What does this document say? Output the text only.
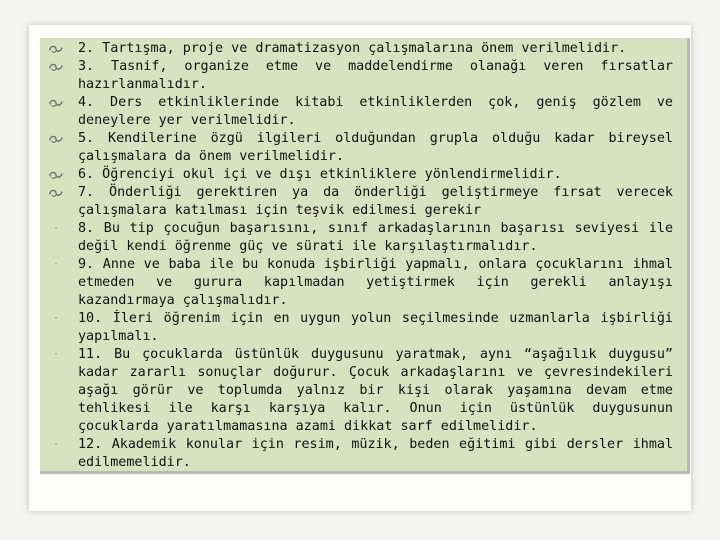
2. Tartışma, proje ve dramatizasyon çalışmalarına önem verilmelidir.
3. Tasnif, organize etme ve maddelendirme olanağı veren fırsatlar hazırlanmalıdır.
4. Ders etkinliklerinde kitabi etkinliklerden çok, geniş gözlem ve deneylere yer verilmelidir.
5. Kendilerine özgü ilgileri olduğundan grupla olduğu kadar bireysel çalışmalara da önem verilmelidir.
6. Öğrenciyi okul içi ve dışı etkinliklere yönlendirmelidir.
7. Önderliği gerektiren ya da önderliği geliştirmeye fırsat verecek çalışmalara katılması için teşvik edilmesi gerekir
· 8. Bu tip çocuğun başarısını, sınıf arkadaşlarının başarısı seviyesi ile değil kendi öğrenme güç ve sürati ile karşılaştırmalıdır.
· 9. Anne ve baba ile bu konuda işbirliği yapmalı, onlara çocuklarını ihmal etmeden ve gurura kapılmadan yetiştirmek için gerekli anlayışı kazandırmaya çalışmalıdır.
· 10. İleri öğrenim için en uygun yolun seçilmesinde uzmanlarla işbirliği yapılmalı.
· 11. Bu çocuklarda üstünlük duygusunu yaratmak, aynı “aşağılık duygusu” kadar zararlı sonuçlar doğurur. Çocuk arkadaşlarını ve çevresindekileri aşağı görür ve toplumda yalnız bir kişi olarak yaşamına devam etme tehlikesi ile karşı karşıya kalır. Onun için üstünlük duygusunun çocuklarda yaratılmamasına azami dikkat sarf edilmelidir.
· 12. Akademik konular için resim, müzik, beden eğitimi gibi dersler ihmal edilmemelidir.
